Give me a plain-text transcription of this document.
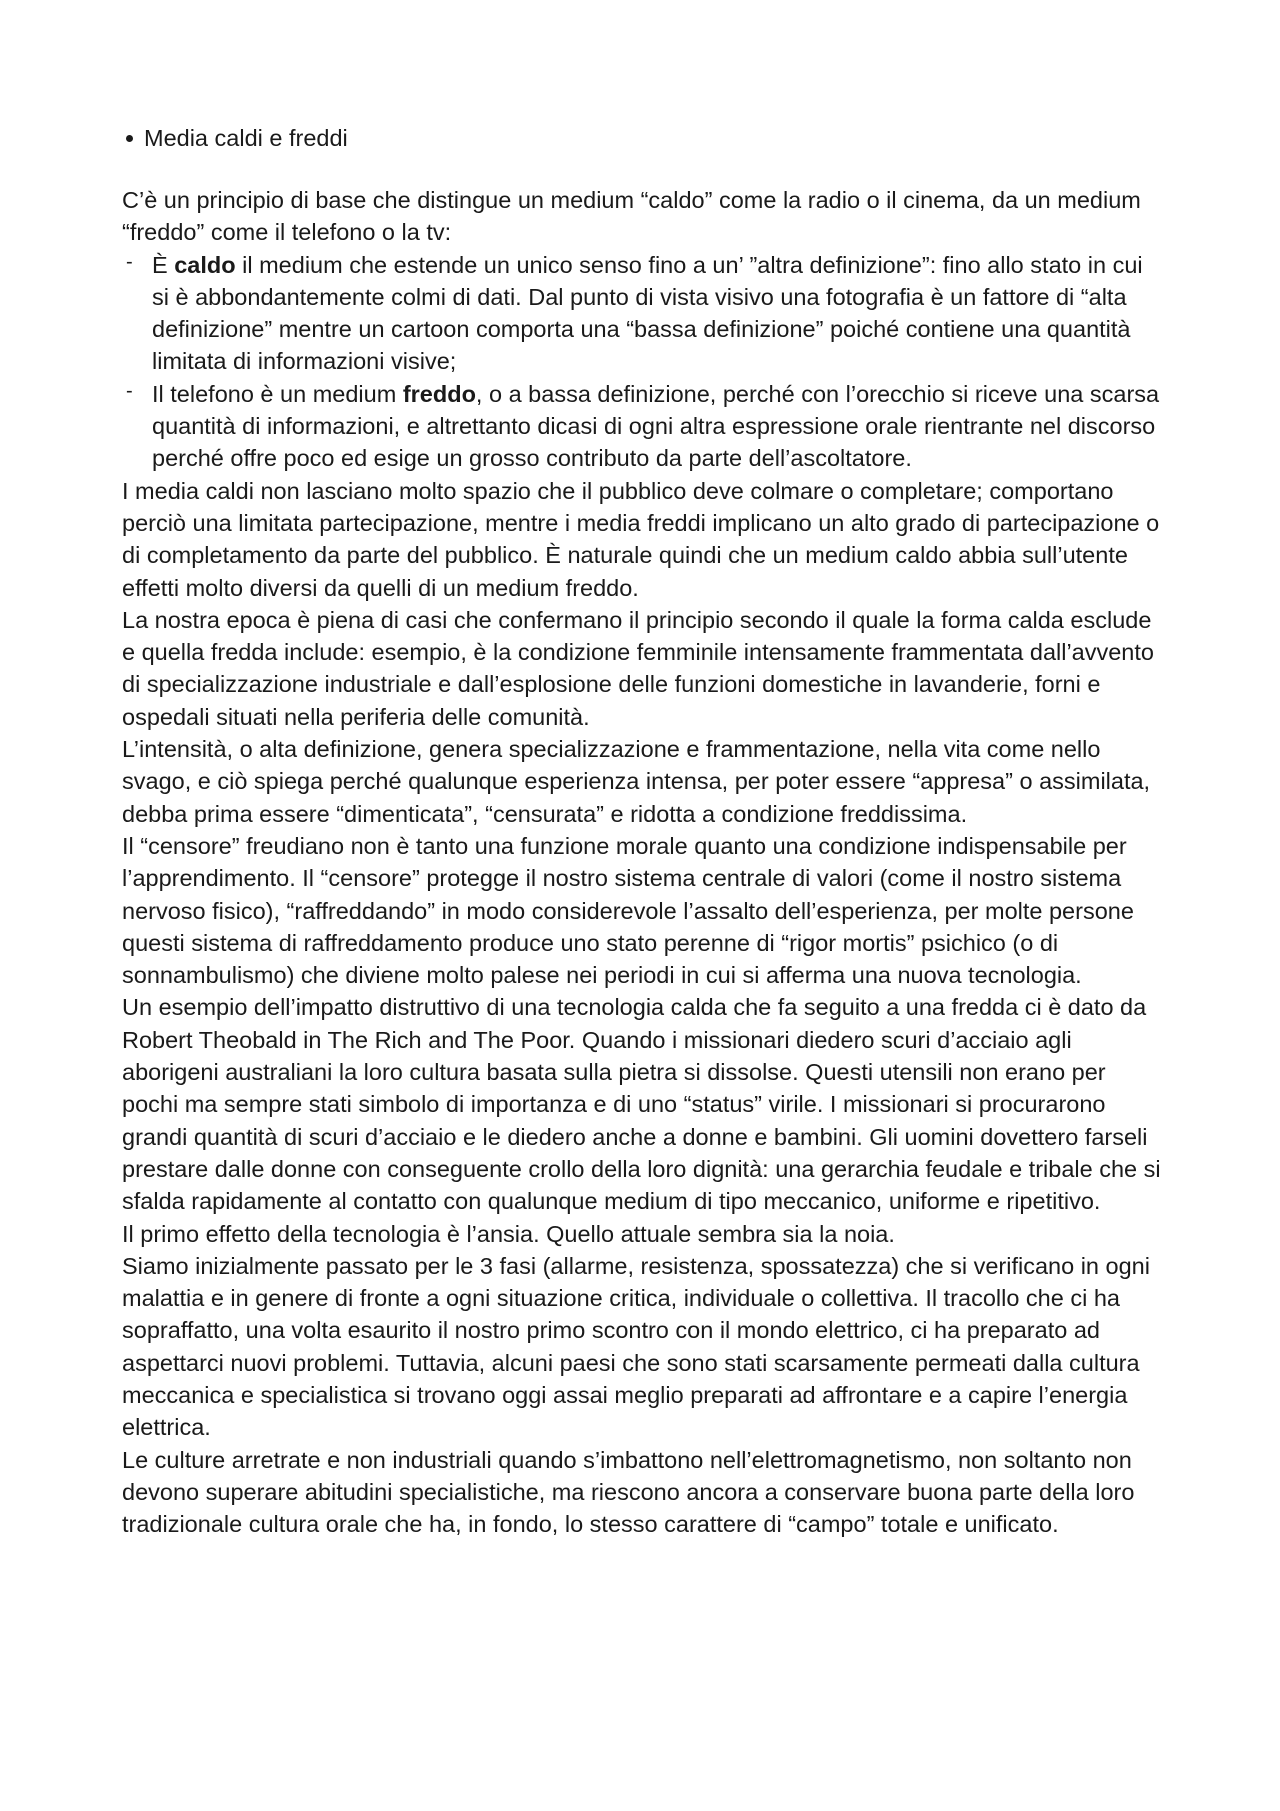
Media caldi e freddi

C’è un principio di base che distingue un medium “caldo” come la radio o il cinema, da un medium “freddo” come il telefono o la tv:

- È caldo il medium che estende un unico senso fino a un’ ”altra definizione”: fino allo stato in cui si è abbondantemente colmi di dati. Dal punto di vista visivo una fotografia è un fattore di “alta definizione” mentre un cartoon comporta una “bassa definizione” poiché contiene una quantità limitata di informazioni visive;
- Il telefono è un medium freddo, o a bassa definizione, perché con l’orecchio si riceve una scarsa quantità di informazioni, e altrettanto dicasi di ogni altra espressione orale rientrante nel discorso perché offre poco ed esige un grosso contributo da parte dell’ascoltatore.

I media caldi non lasciano molto spazio che il pubblico deve colmare o completare; comportano perciò una limitata partecipazione, mentre i media freddi implicano un alto grado di partecipazione o di completamento da parte del pubblico. È naturale quindi che un medium caldo abbia sull’utente effetti molto diversi da quelli di un medium freddo.

La nostra epoca è piena di casi che confermano il principio secondo il quale la forma calda esclude e quella fredda include: esempio, è la condizione femminile intensamente frammentata dall’avvento di specializzazione industriale e dall’esplosione delle funzioni domestiche in lavanderie, forni e ospedali situati nella periferia delle comunità.

L’intensità, o alta definizione, genera specializzazione e frammentazione, nella vita come nello svago, e ciò spiega perché qualunque esperienza intensa, per poter essere “appresa” o assimilata, debba prima essere “dimenticata”, “censurata” e ridotta a condizione freddissima.

Il “censore” freudiano non è tanto una funzione morale quanto una condizione indispensabile per l’apprendimento. Il “censore” protegge il nostro sistema centrale di valori (come il nostro sistema nervoso fisico), “raffreddando” in modo considerevole l’assalto dell’esperienza, per molte persone questi sistema di raffreddamento produce uno stato perenne di “rigor mortis” psichico (o di sonnambulismo) che diviene molto palese nei periodi in cui si afferma una nuova tecnologia.

Un esempio dell’impatto distruttivo di una tecnologia calda che fa seguito a una fredda ci è dato da Robert Theobald in The Rich and The Poor. Quando i missionari diedero scuri d’acciaio agli aborigeni australiani la loro cultura basata sulla pietra si dissolse. Questi utensili non erano per pochi ma sempre stati simbolo di importanza e di uno “status” virile. I missionari si procurarono grandi quantità di scuri d’acciaio e le diedero anche a donne e bambini. Gli uomini dovettero farseli prestare dalle donne con conseguente crollo della loro dignità: una gerarchia feudale e tribale che si sfalda rapidamente al contatto con qualunque medium di tipo meccanico, uniforme e ripetitivo.

Il primo effetto della tecnologia è l’ansia. Quello attuale sembra sia la noia.

Siamo inizialmente passato per le 3 fasi (allarme, resistenza, spossatezza) che si verificano in ogni malattia e in genere di fronte a ogni situazione critica, individuale o collettiva. Il tracollo che ci ha sopraffatto, una volta esaurito il nostro primo scontro con il mondo elettrico, ci ha preparato ad aspettarci nuovi problemi. Tuttavia, alcuni paesi che sono stati scarsamente permeati dalla cultura meccanica e specialistica si trovano oggi assai meglio preparati ad affrontare e a capire l’energia elettrica.

Le culture arretrate e non industriali quando s’imbattono nell’elettromagnetismo, non soltanto non devono superare abitudini specialistiche, ma riescono ancora a conservare buona parte della loro tradizionale cultura orale che ha, in fondo, lo stesso carattere di “campo” totale e unificato.
